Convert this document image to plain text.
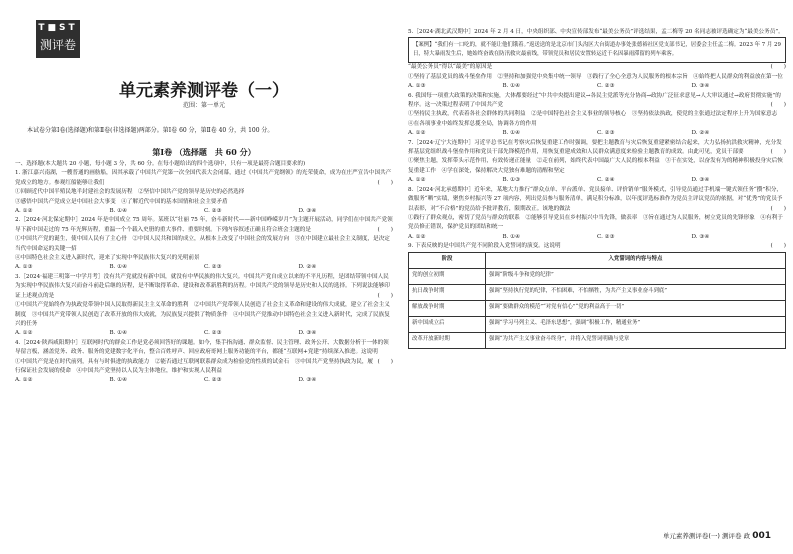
T■ST
测评卷
单元素养测评卷（一）
范围：第一单元
本试卷分第Ⅰ卷(选择题)和第Ⅱ卷(非选择题)两部分。第Ⅰ卷 60 分，第Ⅱ卷 40 分，共 100 分。
第Ⅰ卷 （选择题　共 60 分）

一、选择题(本大题共 20 小题，每小题 3 分，共 60 分。在每小题给出的四个选项中，只有一项是最符合题目要求的)

1. 浙江嘉兴南湖，一艘普通的画舫船，因其承载了中国共产党第一次全国代表大会闭幕，通过《中国共产党纲领》的光荣使命，成为在庄严宣告中国共产党成立的地方。参观红船能够让我们	(　　)

①回顾近代中国半殖民地半封建社会的发展历程　②坚信中国共产党的领导是历史的必然选择

③感悟中国共产党成立是中国社会大事变　④了解近代中国的基本国情和社会主要矛盾

A. ①②	B. ①④	C. ②③	D. ③④

2.［2024·河北保定期中］2024 年是中国成立 75 周年。某班以“壮丽 75 年，奋斗新时代——新中国峥嵘岁月”为主题开展活动，同学们在中国共产党领导下新中国走过的 75 年光辉历程，重温一个个载入史册的重大事件、重要时刻。下列内容叙述正确且符合班会主题的是	(　　)

①中国共产党的诞生，使中国人民有了主心骨　②中国人民共和国的成立，从根本上改变了中国社会的发展方向　③在中国建立最社会主义制度，是决定当代中国命运的关键一招

④中国特色社会主义进入新时代，迎来了实现中华民族伟大复兴的光明前景

A. ①③	B. ①④	C. ②③	D. ②④

3.［2024·福建三明第一中学月考］没有共产党就没有新中国，就没有中华民族的伟大复兴。中国共产党自成立以来的不平凡历程，是团结带领中国人民为实现中华民族伟大复兴而奋斗前赴后继的历程，是不断取得革命、建设和改革新胜利的历程。中国共产党的领导是历史和人民的选择。下列说法能够印证上述观点的是	(　　)

①中国共产党始终作为执政党带领中国人民取得新民主主义革命的胜利　②中国共产党带领人民创造了社会主义革命和建设的伟大成就，建立了社会主义制度　③中国共产党带领人民创造了改革开放的伟大成就，为民族复兴提供了物质条件　④中国共产党推动中国特色社会主义进入新时代，完成了民族复兴的任务

A. ①②	B. ①④	C. ②③	D. ③④

4.［2024·陕西咸阳期中］互联网时代的群众工作是党必须回答好的课题。如今，集手指沟通、群众监督、民主管理、政务公开、大数据分析于一体的领导留言板，涵盖党务、政务、服务的党建数字化平台，整合百姓呼声、回应政府哥网上服务功能的平台，都能“互联网+党建”持续深入推进。这说明
(　　)

①中国共产党是在时代前列，具有与时俱进的执政能力　②能否通过互联网联系群众成为检验党的性质的试金石　③中国共产党坚持执政为民，履行保证社会发展的使命　④中国共产党坚持以人民为主体地位，维护和实现人民利益

A. ①②	B. ①④	C. ②③	D. ③④

5.［2024·湖北武汉期中］2024 年 2 月 4 日，中央组织部、中央宣传部发布“最美公务员”评选结果，孟二梅等 20 名同志被评选确定为“最美公务员”。

【案例】“我们有一口吃的，就不能让他们饿着。”返送送的是北京市门头沟区大台街道办事处张德裕社区党支部书记，居委会主任孟二梅。2023 年 7 月 29 日，特大暴雨发生后，她始终奋战在防汛救灾最前线，带领党员和居民安置转运近千名因暴雨滞留的列车乘客。

“最美公务员”得以“最美”的原因是	(　　)

①坚持了基层党员的战斗堡垒作用　②坚持和加强党中央集中统一领导　③践行了全心全意为人民服务的根本宗旨　④始终把人民群众的利益放在第一位

A. ①③	B. ①④	C. ②③	D. ③④

6. 我国每一项重大政策的决策和实施，大体都要经过“中共中央提出建议→各民主党派等充分协商→政协广泛征求意见→人大审议通过→政府贯彻实施”的程序。这一决策过程表明了中国共产党	(　　)

①坚持民主执政，代表着各社会群体的共同利益　②是中国特色社会主义事业的领导核心　③坚持依法执政，使党的主张通过法定程序上升为国家意志　④在各项事业中始终发挥总揽全局，协调各方的作用

A. ①②	B. ①④	C. ②③	D. ②④

7.［2024·辽宁大连期中］习近平总书记在考察灾后恢复重建工作时强调，要把主题教育与灾后恢复重建紧密结合起来，大力弘扬抗洪救灾精神，充分发挥基层党组织战斗堡垒作用和党员干部先锋模范作用，用恢复重建成效和人民群众满意度来检验主题教育的成效。由此可见，党员干部要	(　　)

①聚焦主题，发挥带头示范作用，有效传递正能量　②走在前列，始终代表中国最广大人民的根本利益　③干在实处，以奋发有为的精神积极投身灾后恢复重建工作　④学在深处，保持解决大党独有难题的清醒和坚定

A. ①②	B. ①③	C. ②④	D. ③④

8.［2024·河北承德期中］近年来，某地大力推行“群众点单、平台派单、党员接单、评价销单”服务模式，引导党员通过手机端一键式领任务“攒”积分，做服务“晒”实绩，聚焦乡村振兴等 27 项内容，列出党员参与服务清单，满足积分标准，以年度评选标准作为党员主评议党员的依据，对“优秀”的党员予以表彰，对“不合格”的党员给予批评教育，限期改正。该地的做法	(　　)

①践行了群众观点，密切了党员与群众的联系　②能够引导党员在乡村振兴中当先锋，做表率　③旨在通过为人民服务，树立党员的先锋形象　④有利于党员修正错误，保护党员的团结和统一

A. ①②	B. ①④	C. ②③	D. ③④

9. 下表反映的是中国共产党不同阶段入党誓词的演变。这说明	(　　)

阶段	入党誓词的内容与特点
党的创立初期	强调“阶级斗争和党的纪律”
抗日战争时期	强调“坚持执行党的纪律，不怕困难，不怕牺牲，为共产主义事业奋斗到底”
解放战争时期	强调“要做群众的模范”“对党有信心”“党的利益高于一切”
新中国成立后	强调“学习马列主义、毛泽东思想”，强调“积极工作，精通业务”
改革开放新时期	强调“为共产主义事业奋斗终身”，并将入党誓词明确与党章
单元素养测评卷(一) 测评卷 政 001
